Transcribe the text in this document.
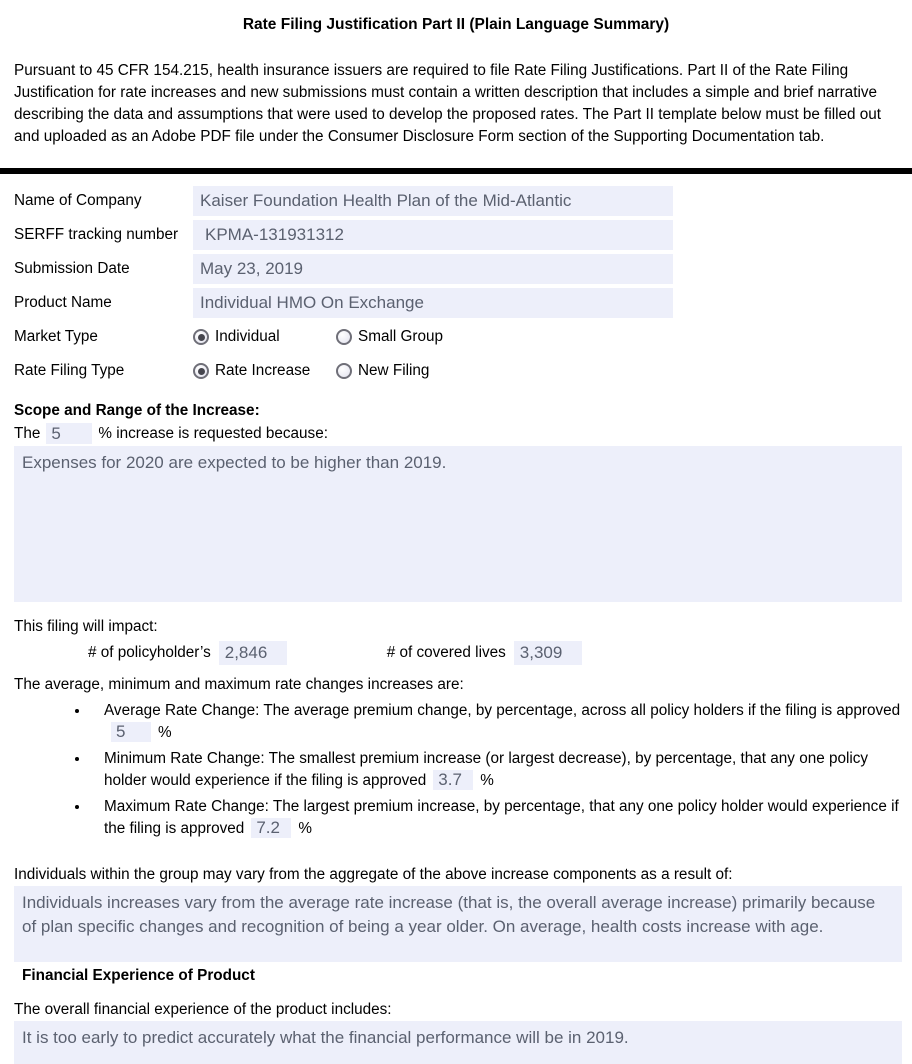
Rate Filing Justification Part II (Plain Language Summary)
Pursuant to 45 CFR 154.215, health insurance issuers are required to file Rate Filing Justifications. Part II of the Rate Filing Justification for rate increases and new submissions must contain a written description that includes a simple and brief narrative describing the data and assumptions that were used to develop the proposed rates. The Part II template below must be filled out and uploaded as an Adobe PDF file under the Consumer Disclosure Form section of the Supporting Documentation tab.
Name of Company	Kaiser Foundation Health Plan of the Mid-Atlantic
SERFF tracking number	KPMA-131931312
Submission Date	May 23, 2019
Product Name	Individual HMO On Exchange
Market Type	Individual	Small Group
Rate Filing Type	Rate Increase	New Filing
Scope and Range of the Increase:
The 5	% increase is requested because:
Expenses for 2020 are expected to be higher than 2019.
This filing will impact:
# of policyholder’s 2,846	# of covered lives 3,309
The average, minimum and maximum rate changes increases are:
• Average Rate Change: The average premium change, by percentage, across all policy holders if the filing is approved5 %
• Minimum Rate Change: The smallest premium increase (or largest decrease), by percentage, that any one policy holder would experience if the filing is approved 3.7 %
• Maximum Rate Change: The largest premium increase, by percentage, that any one policy holder would experience if the filing is approved 7.2 %
Individuals within the group may vary from the aggregate of the above increase components as a result of:
Individuals increases vary from the average rate increase (that is, the overall average increase) primarily because of plan specific changes and recognition of being a year older. On average, health costs increase with age.
Financial Experience of Product
The overall financial experience of the product includes:
It is too early to predict accurately what the financial performance will be in 2019.
